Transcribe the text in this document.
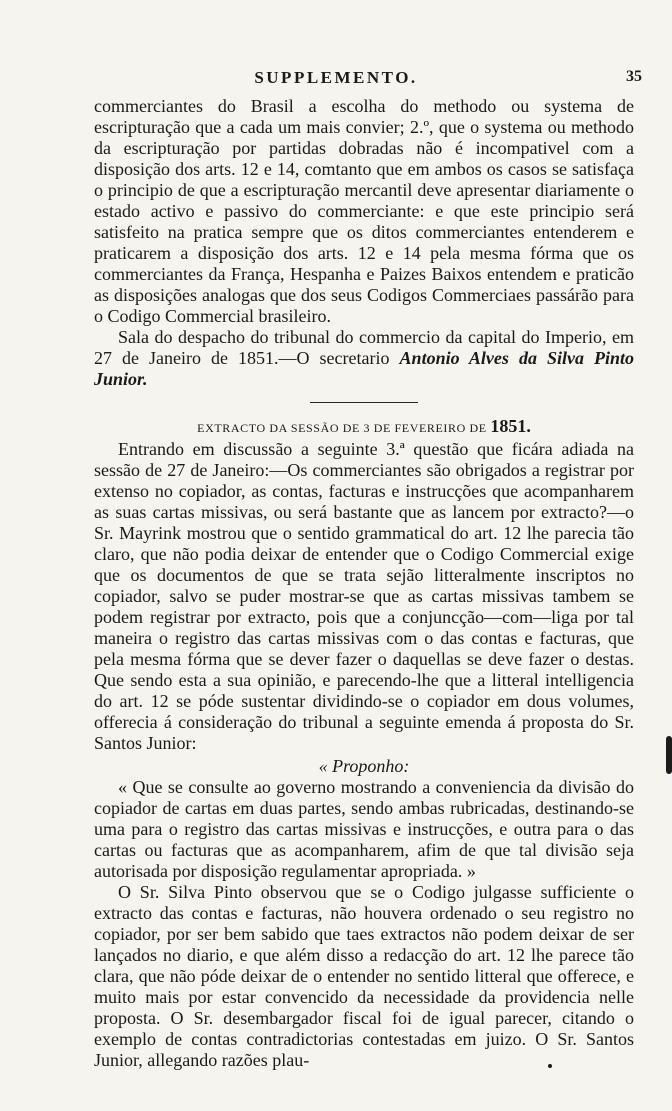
SUPPLEMENTO.	35

commerciantes do Brasil a escolha do methodo ou systema de escripturação que a cada um mais convier; 2.º, que o systema ou methodo da escripturação por partidas dobradas não é incompativel com a disposição dos arts. 12 e 14, comtanto que em ambos os casos se satisfaça o principio de que a escripturação mercantil deve apresentar diariamente o estado activo e passivo do commerciante: e que este principio será satisfeito na pratica sempre que os ditos commerciantes entenderem e praticarem a disposição dos arts. 12 e 14 pela mesma fórma que os commerciantes da França, Hespanha e Paizes Baixos entendem e praticão as disposições analogas que dos seus Codigos Commerciaes passárão para o Codigo Commercial brasileiro.

Sala do despacho do tribunal do commercio da capital do Imperio, em 27 de Janeiro de 1851.—O secretario Antonio Alves da Silva Pinto Junior.

EXTRACTO DA SESSÃO DE 3 DE FEVEREIRO DE 1851.

Entrando em discussão a seguinte 3.ª questão que ficára adiada na sessão de 27 de Janeiro:—Os commerciantes são obrigados a registrar por extenso no copiador, as contas, facturas e instrucções que acompanharem as suas cartas missivas, ou será bastante que as lancem por extracto?—o Sr. Mayrink mostrou que o sentido grammatical do art. 12 lhe parecia tão claro, que não podia deixar de entender que o Codigo Commercial exige que os documentos de que se trata sejão litteralmente inscriptos no copiador, salvo se puder mostrar-se que as cartas missivas tambem se podem registrar por extracto, pois que a conjuncção—com—liga por tal maneira o registro das cartas missivas com o das contas e facturas, que pela mesma fórma que se dever fazer o daquellas se deve fazer o destas. Que sendo esta a sua opinião, e parecendo-lhe que a litteral intelligencia do art. 12 se póde sustentar dividindo-se o copiador em dous volumes, offerecia á consideração do tribunal a seguinte emenda á proposta do Sr. Santos Junior:

« Proponho:

« Que se consulte ao governo mostrando a conveniencia da divisão do copiador de cartas em duas partes, sendo ambas rubricadas, destinando-se uma para o registro das cartas missivas e instrucções, e outra para o das cartas ou facturas que as acompanharem, afim de que tal divisão seja autorisada por disposição regulamentar apropriada. »

O Sr. Silva Pinto observou que se o Codigo julgasse sufficiente o extracto das contas e facturas, não houvera ordenado o seu registro no copiador, por ser bem sabido que taes extractos não podem deixar de ser lançados no diario, e que além disso a redacção do art. 12 lhe parece tão clara, que não póde deixar de o entender no sentido litteral que offerece, e muito mais por estar convencido da necessidade da providencia nelle proposta. O Sr. desembargador fiscal foi de igual parecer, citando o exemplo de contas contradictorias contestadas em juizo. O Sr. Santos Junior, allegando razões plau-
